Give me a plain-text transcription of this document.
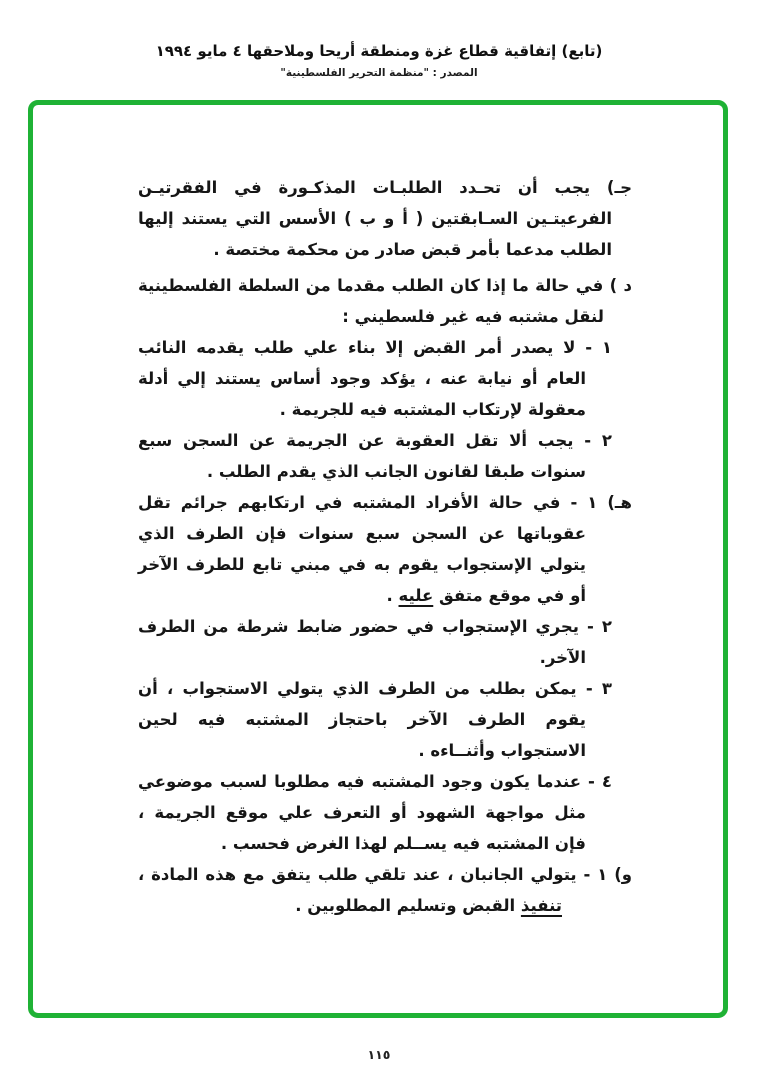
(تابع) إتفاقية قطاع غزة ومنطقة أريحا وملاحقها ٤ مايو ١٩٩٤
المصدر : "منظمة التحرير الفلسطينية"

جـ) يجب أن تحـدد الطلبـات المذكـورة في الفقرتيـن الفرعيتـين السـابقتين ( أ و ب ) الأسس التي يستند إليها الطلب مدعما بأمر قبض صادر من محكمة مختصة .

د ) في حالة ما إذا كان الطلب مقدما من السلطة الفلسطينية لنقل مشتبه فيه غير فلسطيني :

١ - لا يصدر أمر القبض إلا بناء علي طلب يقدمه النائب العام أو نيابة عنه ، يؤكد وجود أساس يستند إلي أدلة معقولة لإرتكاب المشتبه فيه للجريمة .

٢ - يجب ألا تقل العقوبة عن الجريمة عن السجن سبع سنوات طبقا لقانون الجانب الذي يقدم الطلب .

هـ) ١ - في حالة الأفراد المشتبه في ارتكابهم جرائم تقل عقوباتها عن السجن سبع سنوات فإن الطرف الذي يتولي الإستجواب يقوم به في مبني تابع للطرف الآخر أو في موقع متفق عليه .

٢ - يجري الإستجواب في حضور ضابط شرطة من الطرف الآخر.

٣ - يمكن بطلب من الطرف الذي يتولي الاستجواب ، أن يقوم الطرف الآخر باحتجاز المشتبه فيه لحين الاستجواب وأثنــاءه .

٤ - عندما يكون وجود المشتبه فيه مطلوبا لسبب موضوعي مثل مواجهة الشهود أو التعرف علي موقع الجريمة ، فإن المشتبه فيه يســلم لهذا الغرض فحسب .

و) ١ - يتولي الجانبان ، عند تلقي طلب يتفق مع هذه المادة ، تنفيذ القبض وتسليم المطلوبين .

١١٥
